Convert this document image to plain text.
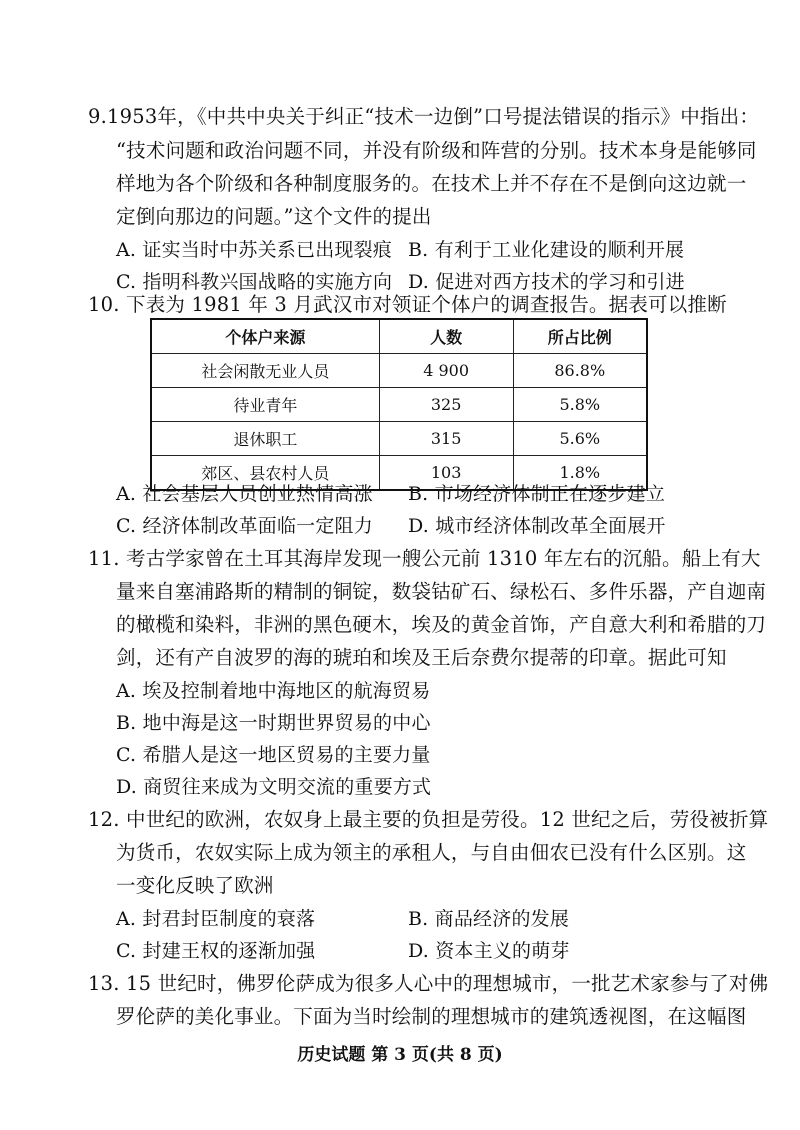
9.1953年，《中共中央关于纠正“技术一边倒”口号提法错误的指示》中指出：
“技术问题和政治问题不同，并没有阶级和阵营的分别。技术本身是能够同
样地为各个阶级和各种制度服务的。在技术上并不存在不是倒向这边就一
定倒向那边的问题。”这个文件的提出
A. 证实当时中苏关系已出现裂痕 B. 有利于工业化建设的顺利开展
C. 指明科教兴国战略的实施方向 D. 促进对西方技术的学习和引进
10. 下表为 1981 年 3 月武汉市对领证个体户的调查报告。据表可以推断
个体户来源	人数	所占比例
社会闲散无业人员	4 900	86.8%
待业青年	325	5.8%
退休职工	315	5.6%
郊区、县农村人员	103	1.8%
A. 社会基层人员创业热情高涨 B. 市场经济体制正在逐步建立
C. 经济体制改革面临一定阻力 D. 城市经济体制改革全面展开
11. 考古学家曾在土耳其海岸发现一艘公元前 1310 年左右的沉船。船上有大
量来自塞浦路斯的精制的铜锭，数袋钴矿石、绿松石、多件乐器，产自迦南
的橄榄和染料，非洲的黑色硬木，埃及的黄金首饰，产自意大利和希腊的刀
剑，还有产自波罗的海的琥珀和埃及王后奈费尔提蒂的印章。据此可知
A. 埃及控制着地中海地区的航海贸易
B. 地中海是这一时期世界贸易的中心
C. 希腊人是这一地区贸易的主要力量
D. 商贸往来成为文明交流的重要方式
12. 中世纪的欧洲，农奴身上最主要的负担是劳役。12 世纪之后，劳役被折算
为货币，农奴实际上成为领主的承租人，与自由佃农已没有什么区别。这
一变化反映了欧洲
A. 封君封臣制度的衰落	B. 商品经济的发展
C. 封建王权的逐渐加强	D. 资本主义的萌芽
13. 15 世纪时，佛罗伦萨成为很多人心中的理想城市，一批艺术家参与了对佛
罗伦萨的美化事业。下面为当时绘制的理想城市的建筑透视图，在这幅图
历史试题 第 3 页(共 8 页)
